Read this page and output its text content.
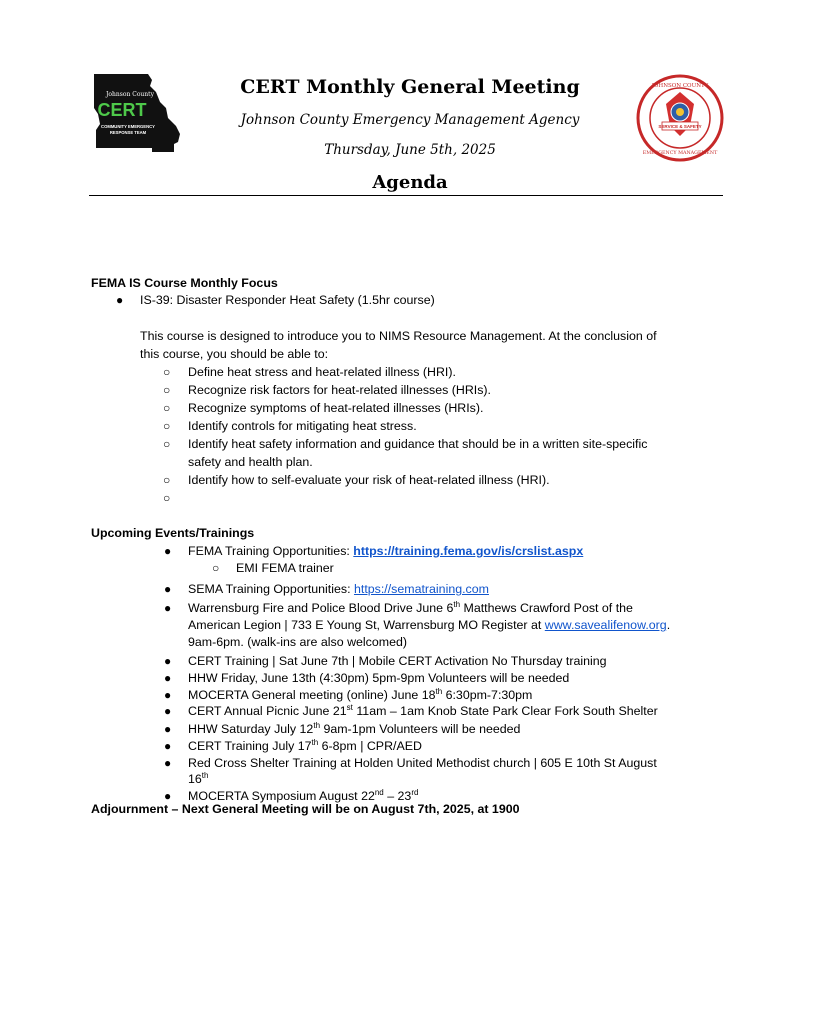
Johnson County
CERT
COMMUNITY EMERGENCY
RESPONSE TEAM
SERVICE & SAFETY
JOHNSON COUNTY
EMERGENCY MANAGEMENT
CERT Monthly General Meeting
Johnson County Emergency Management Agency
Thursday, June 5th, 2025
Agenda
FEMA IS Course Monthly Focus
● IS-39: Disaster Responder Heat Safety (1.5hr course)
This course is designed to introduce you to NIMS Resource Management. At the conclusion of
this course, you should be able to:
○ Define heat stress and heat-related illness (HRI).
○ Recognize risk factors for heat-related illnesses (HRIs).
○ Recognize symptoms of heat-related illnesses (HRIs).
○ Identify controls for mitigating heat stress.
○ Identify heat safety information and guidance that should be in a written site-specific
safety and health plan.
○ Identify how to self-evaluate your risk of heat-related illness (HRI).
○
Upcoming Events/Trainings
● FEMA Training Opportunities: https://training.fema.gov/is/crslist.aspx
○ EMI FEMA trainer
● SEMA Training Opportunities: https://sematraining.com
● Warrensburg Fire and Police Blood Drive June 6th Matthews Crawford Post of the
American Legion | 733 E Young St, Warrensburg MO Register at www.savealifenow.org.
9am-6pm. (walk-ins are also welcomed)
● CERT Training | Sat June 7th | Mobile CERT Activation No Thursday training
● HHW Friday, June 13th (4:30pm) 5pm-9pm Volunteers will be needed
● MOCERTA General meeting (online) June 18th 6:30pm-7:30pm
● CERT Annual Picnic June 21st 11am – 1am Knob State Park Clear Fork South Shelter
● HHW Saturday July 12th 9am-1pm Volunteers will be needed
● CERT Training July 17th 6-8pm | CPR/AED
● Red Cross Shelter Training at Holden United Methodist church | 605 E 10th St August
16th
● MOCERTA Symposium August 22nd – 23rd
Adjournment – Next General Meeting will be on August 7th, 2025, at 1900
